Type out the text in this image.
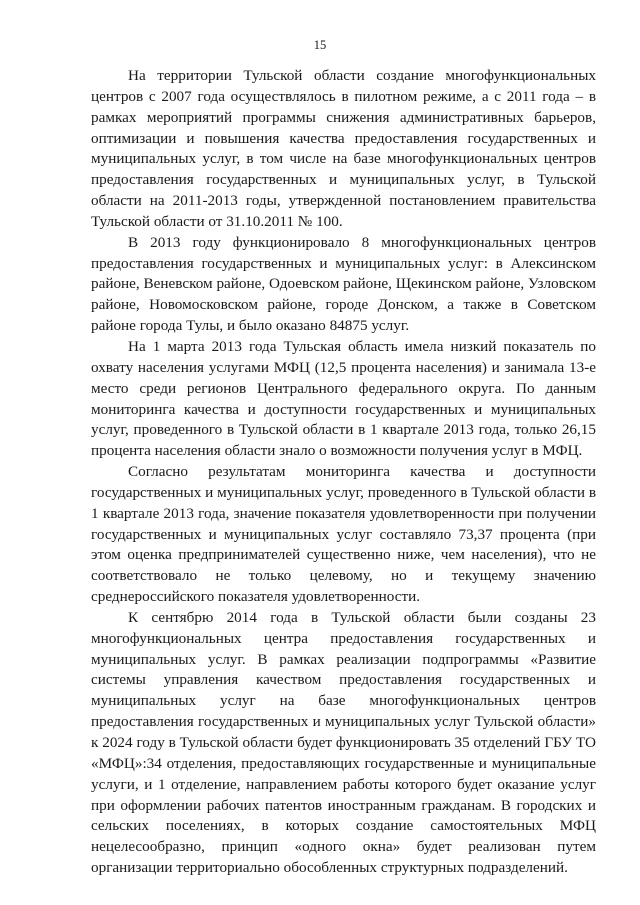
15

На территории Тульской области создание многофункциональных центров с 2007 года осуществлялось в пилотном режиме, а с 2011 года – в рамках мероприятий программы снижения административных барьеров, оптимизации и повышения качества предоставления государственных и муниципальных услуг, в том числе на базе многофункциональных центров предоставления государственных и муниципальных услуг, в Тульской области на 2011-2013 годы, утвержденной постановлением правительства Тульской области от 31.10.2011 № 100.

В 2013 году функционировало 8 многофункциональных центров предоставления государственных и муниципальных услуг: в Алексинском районе, Веневском районе, Одоевском районе, Щекинском районе, Узловском районе, Новомосковском районе, городе Донском, а также в Советском районе города Тулы, и было оказано 84875 услуг.

На 1 марта 2013 года Тульская область имела низкий показатель по охвату населения услугами МФЦ (12,5 процента населения) и занимала 13-е место среди регионов Центрального федерального округа. По данным мониторинга качества и доступности государственных и муниципальных услуг, проведенного в Тульской области в 1 квартале 2013 года, только 26,15 процента населения области знало о возможности получения услуг в МФЦ.

Согласно результатам мониторинга качества и доступности государственных и муниципальных услуг, проведенного в Тульской области в 1 квартале 2013 года, значение показателя удовлетворенности при получении государственных и муниципальных услуг составляло 73,37 процента (при этом оценка предпринимателей существенно ниже, чем населения), что не соответствовало не только целевому, но и текущему значению среднероссийского показателя удовлетворенности.

К сентябрю 2014 года в Тульской области были созданы 23 многофункциональных центра предоставления государственных и муниципальных услуг. В рамках реализации подпрограммы «Развитие системы управления качеством предоставления государственных и муниципальных услуг на базе многофункциональных центров предоставления государственных и муниципальных услуг Тульской области» к 2024 году в Тульской области будет функционировать 35 отделений ГБУ ТО «МФЦ»:34 отделения, предоставляющих государственные и муниципальные услуги, и 1 отделение, направлением работы которого будет оказание услуг при оформлении рабочих патентов иностранным гражданам. В городских и сельских поселениях, в которых создание самостоятельных МФЦ нецелесообразно, принцип «одного окна» будет реализован путем организации территориально обособленных структурных подразделений.
